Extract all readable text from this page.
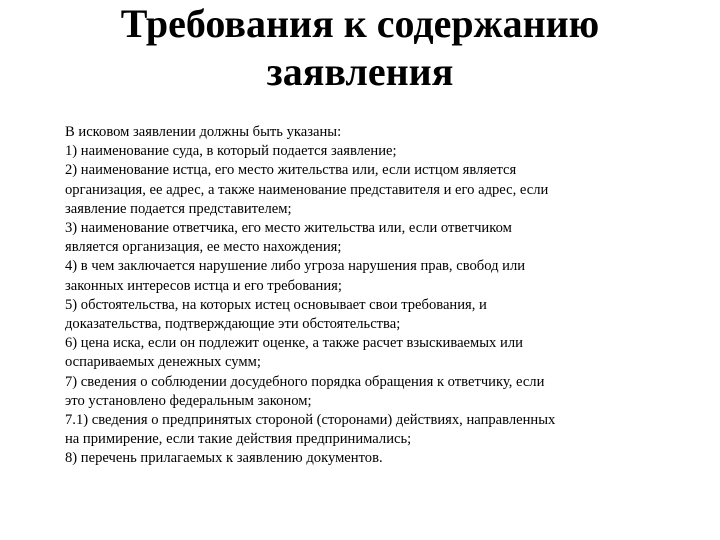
Требования к содержанию
заявления
В исковом заявлении должны быть указаны:
1) наименование суда, в который подается заявление;
2) наименование истца, его место жительства или, если истцом является
организация, ее адрес, а также наименование представителя и его адрес, если
заявление подается представителем;
3) наименование ответчика, его место жительства или, если ответчиком
является организация, ее место нахождения;
4) в чем заключается нарушение либо угроза нарушения прав, свобод или
законных интересов истца и его требования;
5) обстоятельства, на которых истец основывает свои требования, и
доказательства, подтверждающие эти обстоятельства;
6) цена иска, если он подлежит оценке, а также расчет взыскиваемых или
оспариваемых денежных сумм;
7) сведения о соблюдении досудебного порядка обращения к ответчику, если
это установлено федеральным законом;
7.1) сведения о предпринятых стороной (сторонами) действиях, направленных
на примирение, если такие действия предпринимались;
8) перечень прилагаемых к заявлению документов.
